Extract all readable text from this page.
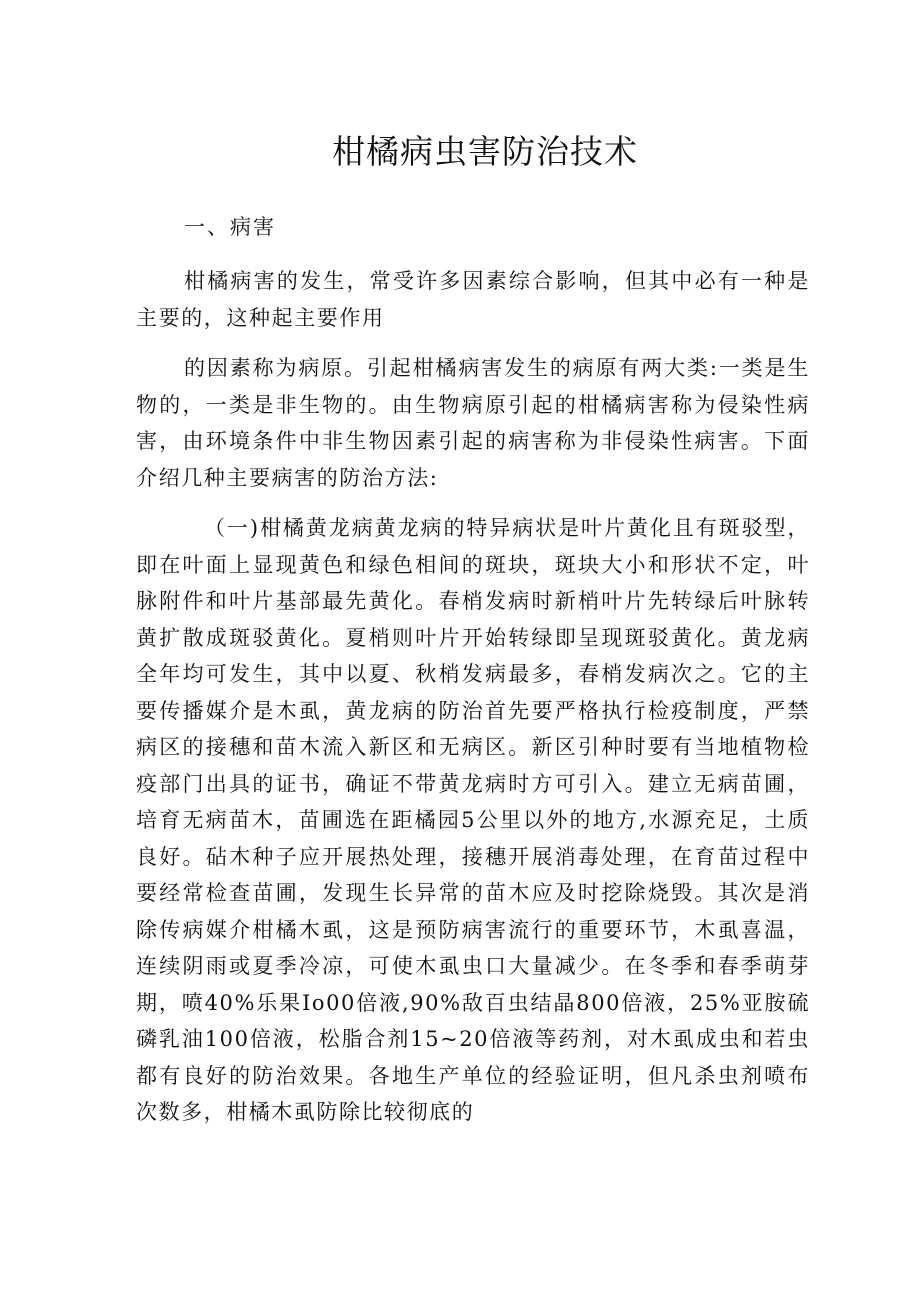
柑橘病虫害防治技术
一、病害

柑橘病害的发生，常受许多因素综合影响，但其中必有一种是主要的，这种起主要作用

的因素称为病原。引起柑橘病害发生的病原有两大类:一类是生物的，一类是非生物的。由生物病原引起的柑橘病害称为侵染性病害，由环境条件中非生物因素引起的病害称为非侵染性病害。下面介绍几种主要病害的防治方法:

（一)柑橘黄龙病黄龙病的特异病状是叶片黄化且有斑驳型，即在叶面上显现黄色和绿色相间的斑块，斑块大小和形状不定，叶脉附件和叶片基部最先黄化。春梢发病时新梢叶片先转绿后叶脉转黄扩散成斑驳黄化。夏梢则叶片开始转绿即呈现斑驳黄化。黄龙病全年均可发生，其中以夏、秋梢发病最多，春梢发病次之。它的主要传播媒介是木虱，黄龙病的防治首先要严格执行检疫制度，严禁病区的接穗和苗木流入新区和无病区。新区引种时要有当地植物检疫部门出具的证书，确证不带黄龙病时方可引入。建立无病苗圃，培育无病苗木，苗圃选在距橘园5公里以外的地方,水源充足，土质良好。砧木种子应开展热处理，接穗开展消毒处理，在育苗过程中要经常检查苗圃，发现生长异常的苗木应及时挖除烧毁。其次是消除传病媒介柑橘木虱，这是预防病害流行的重要环节，木虱喜温，连续阴雨或夏季冷凉，可使木虱虫口大量减少。在冬季和春季萌芽期，喷40%乐果Io00倍液,90%敌百虫结晶800倍液，25%亚胺硫磷乳油100倍液，松脂合剂15~20倍液等药剂，对木虱成虫和若虫都有良好的防治效果。各地生产单位的经验证明，但凡杀虫剂喷布次数多，柑橘木虱防除比较彻底的
